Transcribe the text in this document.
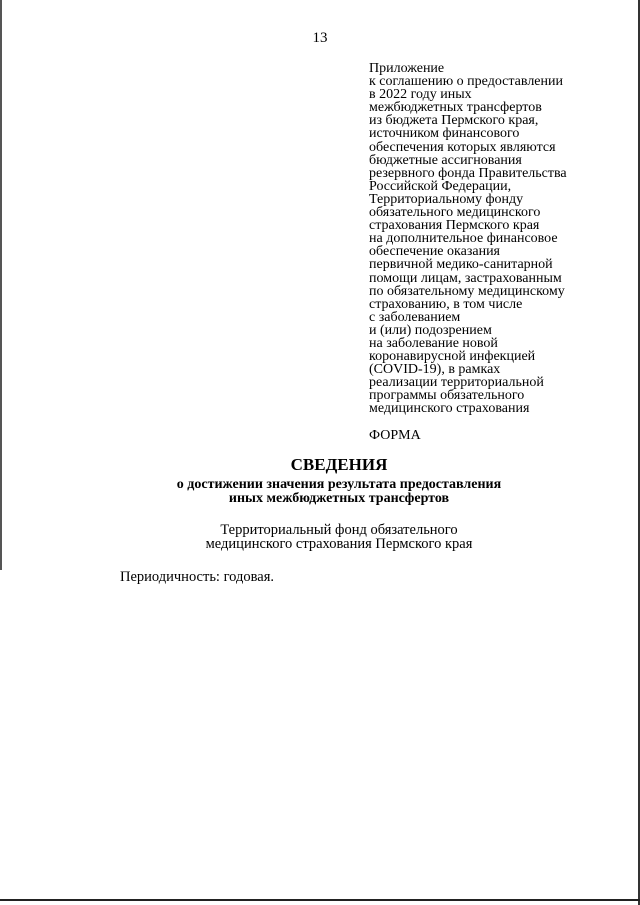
13
Приложение
к соглашению о предоставлении
в 2022 году иных
межбюджетных трансфертов
из бюджета Пермского края,
источником финансового
обеспечения которых являются
бюджетные ассигнования
резервного фонда Правительства
Российской Федерации,
Территориальному фонду
обязательного медицинского
страхования Пермского края
на дополнительное финансовое
обеспечение оказания
первичной медико-санитарной
помощи лицам, застрахованным
по обязательному медицинскому
страхованию, в том числе
с заболеванием
и (или) подозрением
на заболевание новой
коронавирусной инфекцией
(COVID-19), в рамках
реализации территориальной
программы обязательного
медицинского страхования
ФОРМА
СВЕДЕНИЯ
о достижении значения результата предоставления
иных межбюджетных трансфертов
Территориальный фонд обязательного
медицинского страхования Пермского края
Периодичность: годовая.
